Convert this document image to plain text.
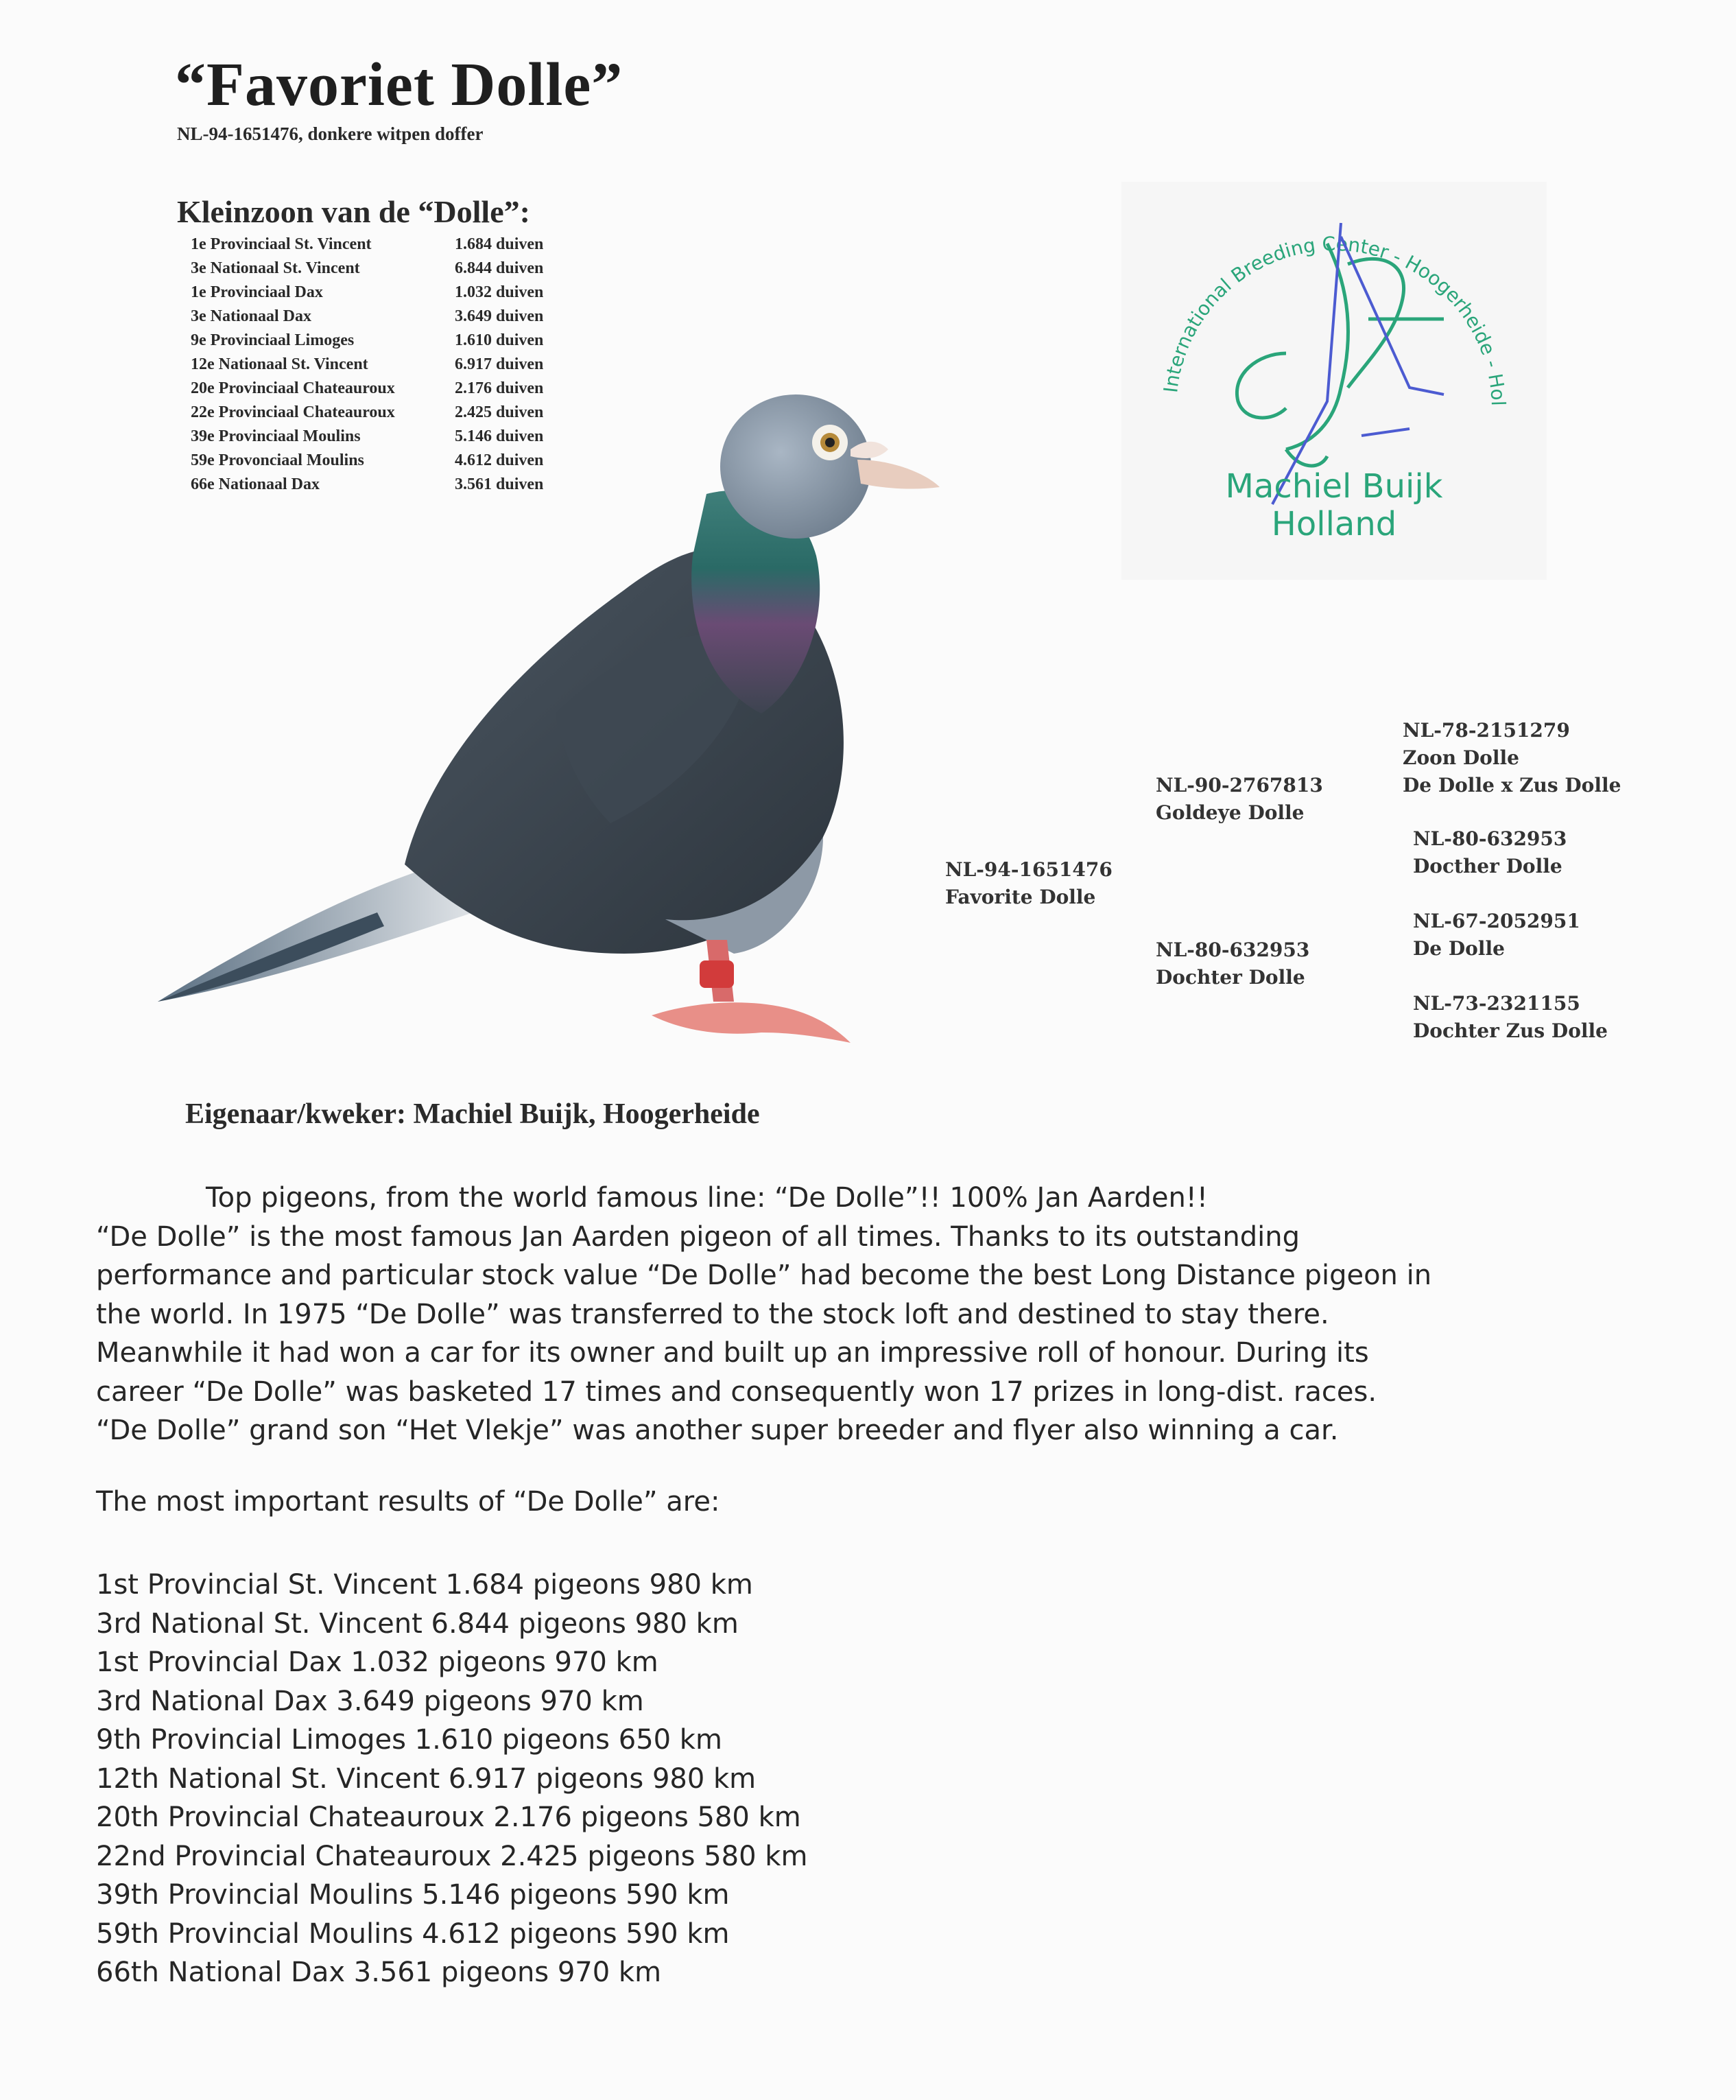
“Favoriet Dolle”
NL-94-1651476, donkere witpen doffer
Kleinzoon van de “Dolle”:
1e Provinciaal St. Vincent	1.684 duiven
3e Nationaal St. Vincent	6.844 duiven
1e Provinciaal Dax	1.032 duiven
3e Nationaal Dax	3.649 duiven
9e Provinciaal Limoges	1.610 duiven
12e Nationaal St. Vincent	6.917 duiven
20e Provinciaal Chateauroux	2.176 duiven
22e Provinciaal Chateauroux	2.425 duiven
39e Provinciaal Moulins	5.146 duiven
59e Provonciaal Moulins	4.612 duiven
66e Nationaal Dax	3.561 duiven
International Breeding Center - Hoogerheide - Hol
Machiel Buijk
Holland
NL-94-1651476
Favorite Dolle
NL-90-2767813
Goldeye Dolle
NL-80-632953
Dochter Dolle
NL-78-2151279
Zoon Dolle
De Dolle x Zus Dolle
NL-80-632953
Docther Dolle
NL-67-2052951
De Dolle
NL-73-2321155
Dochter Zus Dolle
Eigenaar/kweker: Machiel Buijk, Hoogerheide

Top pigeons, from the world famous line: “De Dolle”!! 100% Jan Aarden!!

“De Dolle” is the most famous Jan Aarden pigeon of all times. Thanks to its outstanding

performance and particular stock value “De Dolle” had become the best Long Distance pigeon in

the world. In 1975 “De Dolle” was transferred to the stock loft and destined to stay there.

Meanwhile it had won a car for its owner and built up an impressive roll of honour. During its

career “De Dolle” was basketed 17 times and consequently won 17 prizes in long-dist. races.

“De Dolle” grand son “Het Vlekje” was another super breeder and flyer also winning a car.

The most important results of “De Dolle” are:
1st Provincial St. Vincent 1.684 pigeons 980 km
3rd National St. Vincent 6.844 pigeons 980 km
1st Provincial Dax 1.032 pigeons 970 km
3rd National Dax 3.649 pigeons 970 km
9th Provincial Limoges 1.610 pigeons 650 km
12th National St. Vincent 6.917 pigeons 980 km
20th Provincial Chateauroux 2.176 pigeons 580 km
22nd Provincial Chateauroux 2.425 pigeons 580 km
39th Provincial Moulins 5.146 pigeons 590 km
59th Provincial Moulins 4.612 pigeons 590 km
66th National Dax 3.561 pigeons 970 km
